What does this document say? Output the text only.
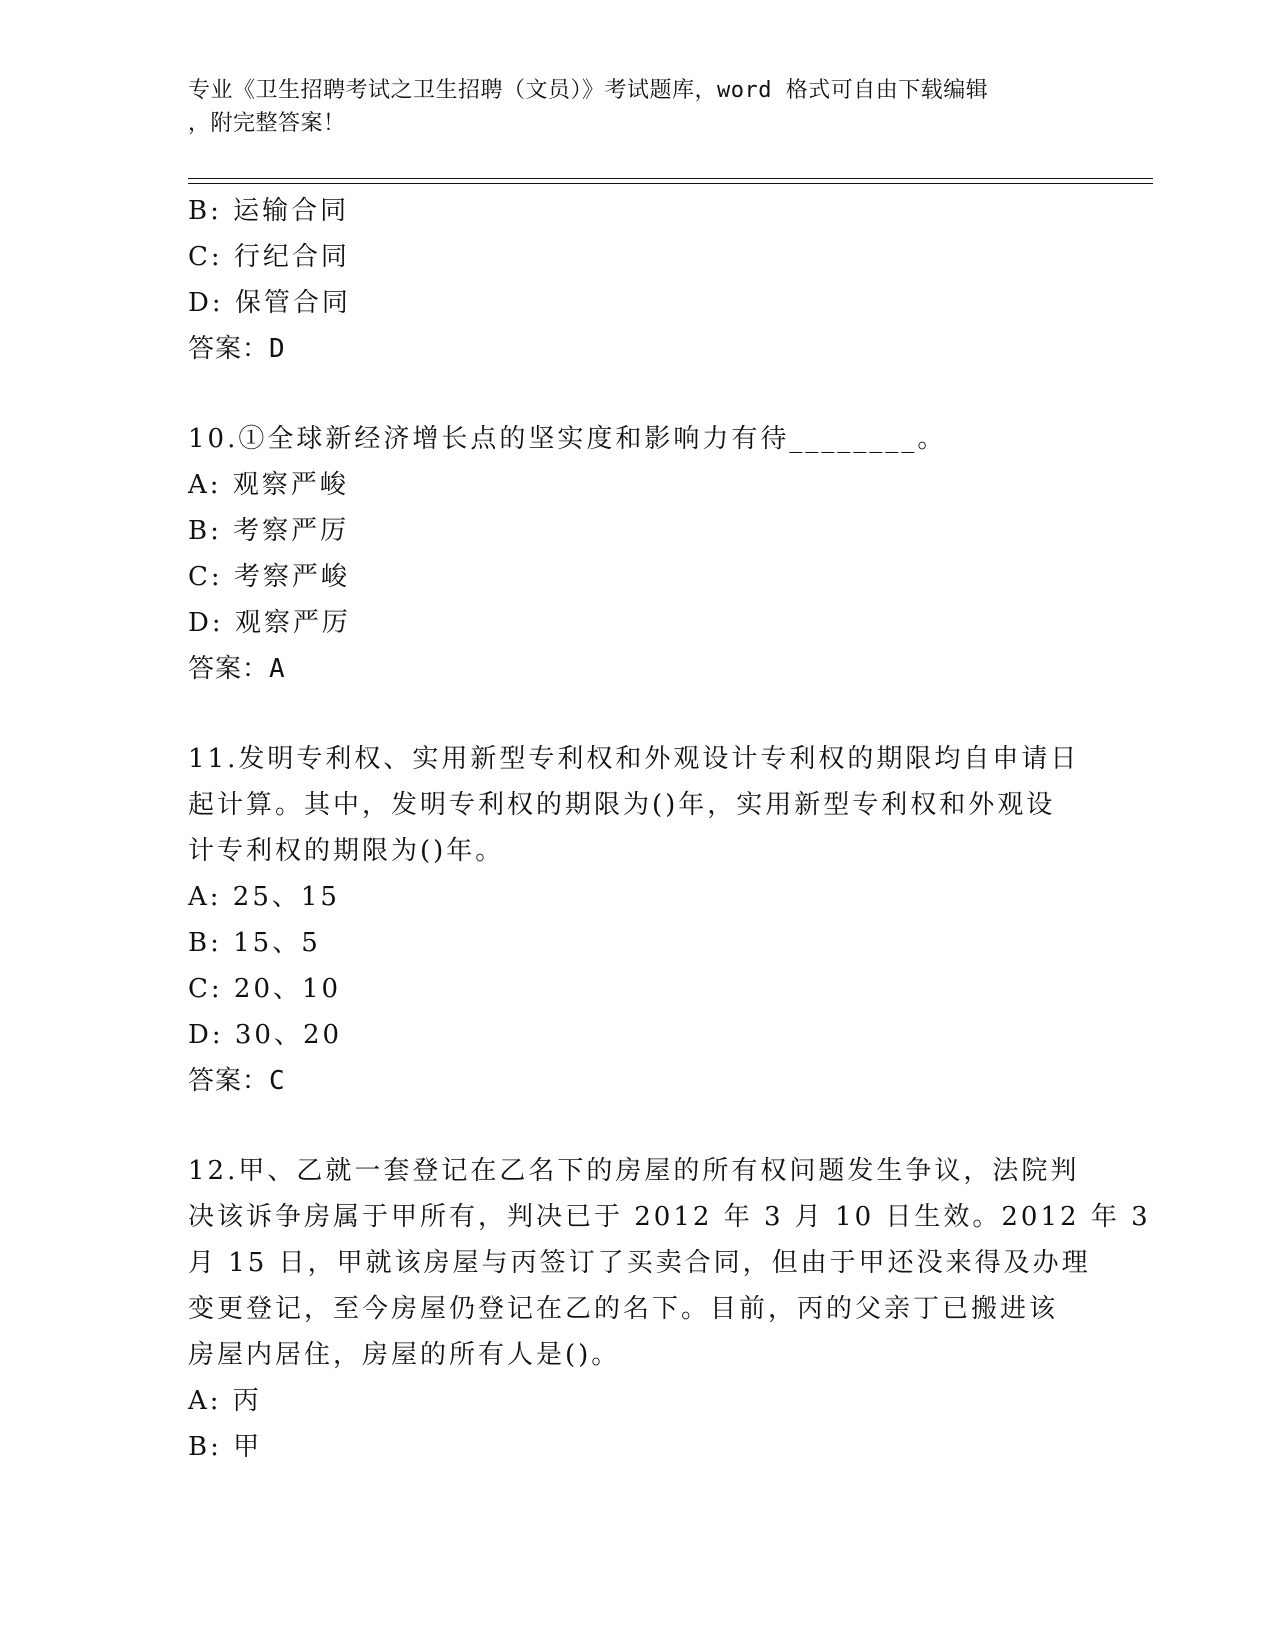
专业《卫生招聘考试之卫生招聘（文员）》考试题库，word 格式可自由下载编辑
，附完整答案！
B: 运输合同
C: 行纪合同
D: 保管合同
答案：D
10.①全球新经济增长点的坚实度和影响力有待________。
A: 观察严峻
B: 考察严厉
C: 考察严峻
D: 观察严厉
答案：A
11.发明专利权、实用新型专利权和外观设计专利权的期限均自申请日
起计算。其中，发明专利权的期限为()年，实用新型专利权和外观设
计专利权的期限为()年。
A: 25、15
B: 15、5
C: 20、10
D: 30、20
答案：C
12.甲、乙就一套登记在乙名下的房屋的所有权问题发生争议，法院判
决该诉争房属于甲所有，判决已于 2012 年 3 月 10 日生效。2012 年 3
月 15 日，甲就该房屋与丙签订了买卖合同，但由于甲还没来得及办理
变更登记，至今房屋仍登记在乙的名下。目前，丙的父亲丁已搬进该
房屋内居住，房屋的所有人是()。
A: 丙
B: 甲
